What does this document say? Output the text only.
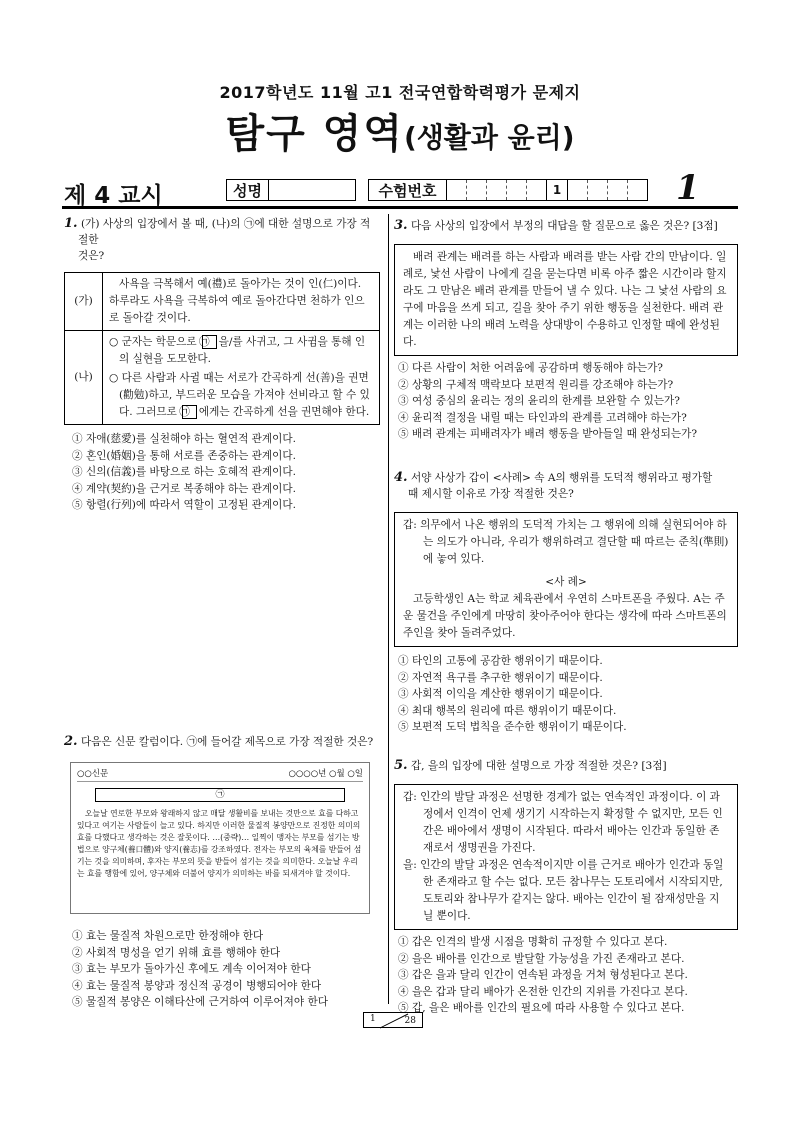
2017학년도 11월 고1 전국연합학력평가 문제지
탐구 영역(생활과 윤리)
제 4 교시	성명	수험번호	1	1
1. (가) 사상의 입장에서 볼 때, (나)의 ㉠에 대한 설명으로 가장 적절한
것은?
(가)	사욕을 극복해서 예(禮)로 돌아가는 것이 인(仁)이다. 하루라도 사욕을 극복하여 예로 돌아간다면 천하가 인으로 돌아갈 것이다.
(나)	○ 군자는 학문으로 ㉠ 을/를 사귀고, 그 사귐을 통해 인의 실현을 도모한다.
○ 다른 사람과 사귈 때는 서로가 간곡하게 선(善)을 권면(勸勉)하고, 부드러운 모습을 가져야 선비라고 할 수 있다. 그러므로 ㉠ 에게는 간곡하게 선을 권면해야 한다.
① 자애(慈愛)를 실천해야 하는 혈연적 관계이다.
② 혼인(婚姻)을 통해 서로를 존중하는 관계이다.
③ 신의(信義)를 바탕으로 하는 호혜적 관계이다.
④ 계약(契約)을 근거로 복종해야 하는 관계이다.
⑤ 항렬(行列)에 따라서 역할이 고정된 관계이다.
2. 다음은 신문 칼럼이다. ㉠에 들어갈 제목으로 가장 적절한 것은?
○○신문	○○○○년 ○월 ○일
㉠
오늘날 연로한 부모와 왕래하지 않고 매달 생활비를 보내는 것만으로 효를 다하고 있다고 여기는 사람들이 늘고 있다. 하지만 이러한 물질적 봉양만으로 진정한 의미의 효를 다했다고 생각하는 것은 잘못이다. …(중략)… 일찍이 맹자는 부모를 섬기는 방법으로 양구체(養口體)와 양지(養志)를 강조하였다. 전자는 부모의 육체를 받들어 섬기는 것을 의미하며, 후자는 부모의 뜻을 받들어 섬기는 것을 의미한다. 오늘날 우리는 효를 행함에 있어, 양구체와 더불어 양지가 의미하는 바를 되새겨야 할 것이다.
① 효는 물질적 차원으로만 한정해야 한다
② 사회적 명성을 얻기 위해 효를 행해야 한다
③ 효는 부모가 돌아가신 후에도 계속 이어져야 한다
④ 효는 물질적 봉양과 정신적 공경이 병행되어야 한다
⑤ 물질적 봉양은 이해타산에 근거하여 이루어져야 한다
3. 다음 사상의 입장에서 부정의 대답을 할 질문으로 옳은 것은? [3점]
배려 관계는 배려를 하는 사람과 배려를 받는 사람 간의 만남이다. 일례로, 낯선 사람이 나에게 길을 묻는다면 비록 아주 짧은 시간이라 할지라도 그 만남은 배려 관계를 만들어 낼 수 있다. 나는 그 낯선 사람의 요구에 마음을 쓰게 되고, 길을 찾아 주기 위한 행동을 실천한다. 배려 관계는 이러한 나의 배려 노력을 상대방이 수용하고 인정할 때에 완성된다.
① 다른 사람이 처한 어려움에 공감하며 행동해야 하는가?
② 상황의 구체적 맥락보다 보편적 원리를 강조해야 하는가?
③ 여성 중심의 윤리는 정의 윤리의 한계를 보완할 수 있는가?
④ 윤리적 결정을 내릴 때는 타인과의 관계를 고려해야 하는가?
⑤ 배려 관계는 피배려자가 배려 행동을 받아들일 때 완성되는가?
4. 서양 사상가 갑이 <사례> 속 A의 행위를 도덕적 행위라고 평가할
때 제시할 이유로 가장 적절한 것은?
갑: 의무에서 나온 행위의 도덕적 가치는 그 행위에 의해 실현되어야 하는 의도가 아니라, 우리가 행위하려고 결단할 때 따르는 준칙(準則)에 놓여 있다.
<사 례>
고등학생인 A는 학교 체육관에서 우연히 스마트폰을 주웠다. A는 주운 물건을 주인에게 마땅히 찾아주어야 한다는 생각에 따라 스마트폰의 주인을 찾아 돌려주었다.
① 타인의 고통에 공감한 행위이기 때문이다.
② 자연적 욕구를 추구한 행위이기 때문이다.
③ 사회적 이익을 계산한 행위이기 때문이다.
④ 최대 행복의 원리에 따른 행위이기 때문이다.
⑤ 보편적 도덕 법칙을 준수한 행위이기 때문이다.
5. 갑, 을의 입장에 대한 설명으로 가장 적절한 것은? [3점]
갑: 인간의 발달 과정은 선명한 경계가 없는 연속적인 과정이다. 이 과정에서 인격이 언제 생기기 시작하는지 확정할 수 없지만, 모든 인간은 배아에서 생명이 시작된다. 따라서 배아는 인간과 동일한 존재로서 생명권을 가진다.
을: 인간의 발달 과정은 연속적이지만 이를 근거로 배아가 인간과 동일한 존재라고 할 수는 없다. 모든 참나무는 도토리에서 시작되지만, 도토리와 참나무가 같지는 않다. 배아는 인간이 될 잠재성만을 지닐 뿐이다.
① 갑은 인격의 발생 시점을 명확히 규정할 수 있다고 본다.
② 을은 배아를 인간으로 발달할 가능성을 가진 존재라고 본다.
③ 갑은 을과 달리 인간이 연속된 과정을 거쳐 형성된다고 본다.
④ 을은 갑과 달리 배아가 온전한 인간의 지위를 가진다고 본다.
⑤ 갑, 을은 배아를 인간의 필요에 따라 사용할 수 있다고 본다.
1	28
